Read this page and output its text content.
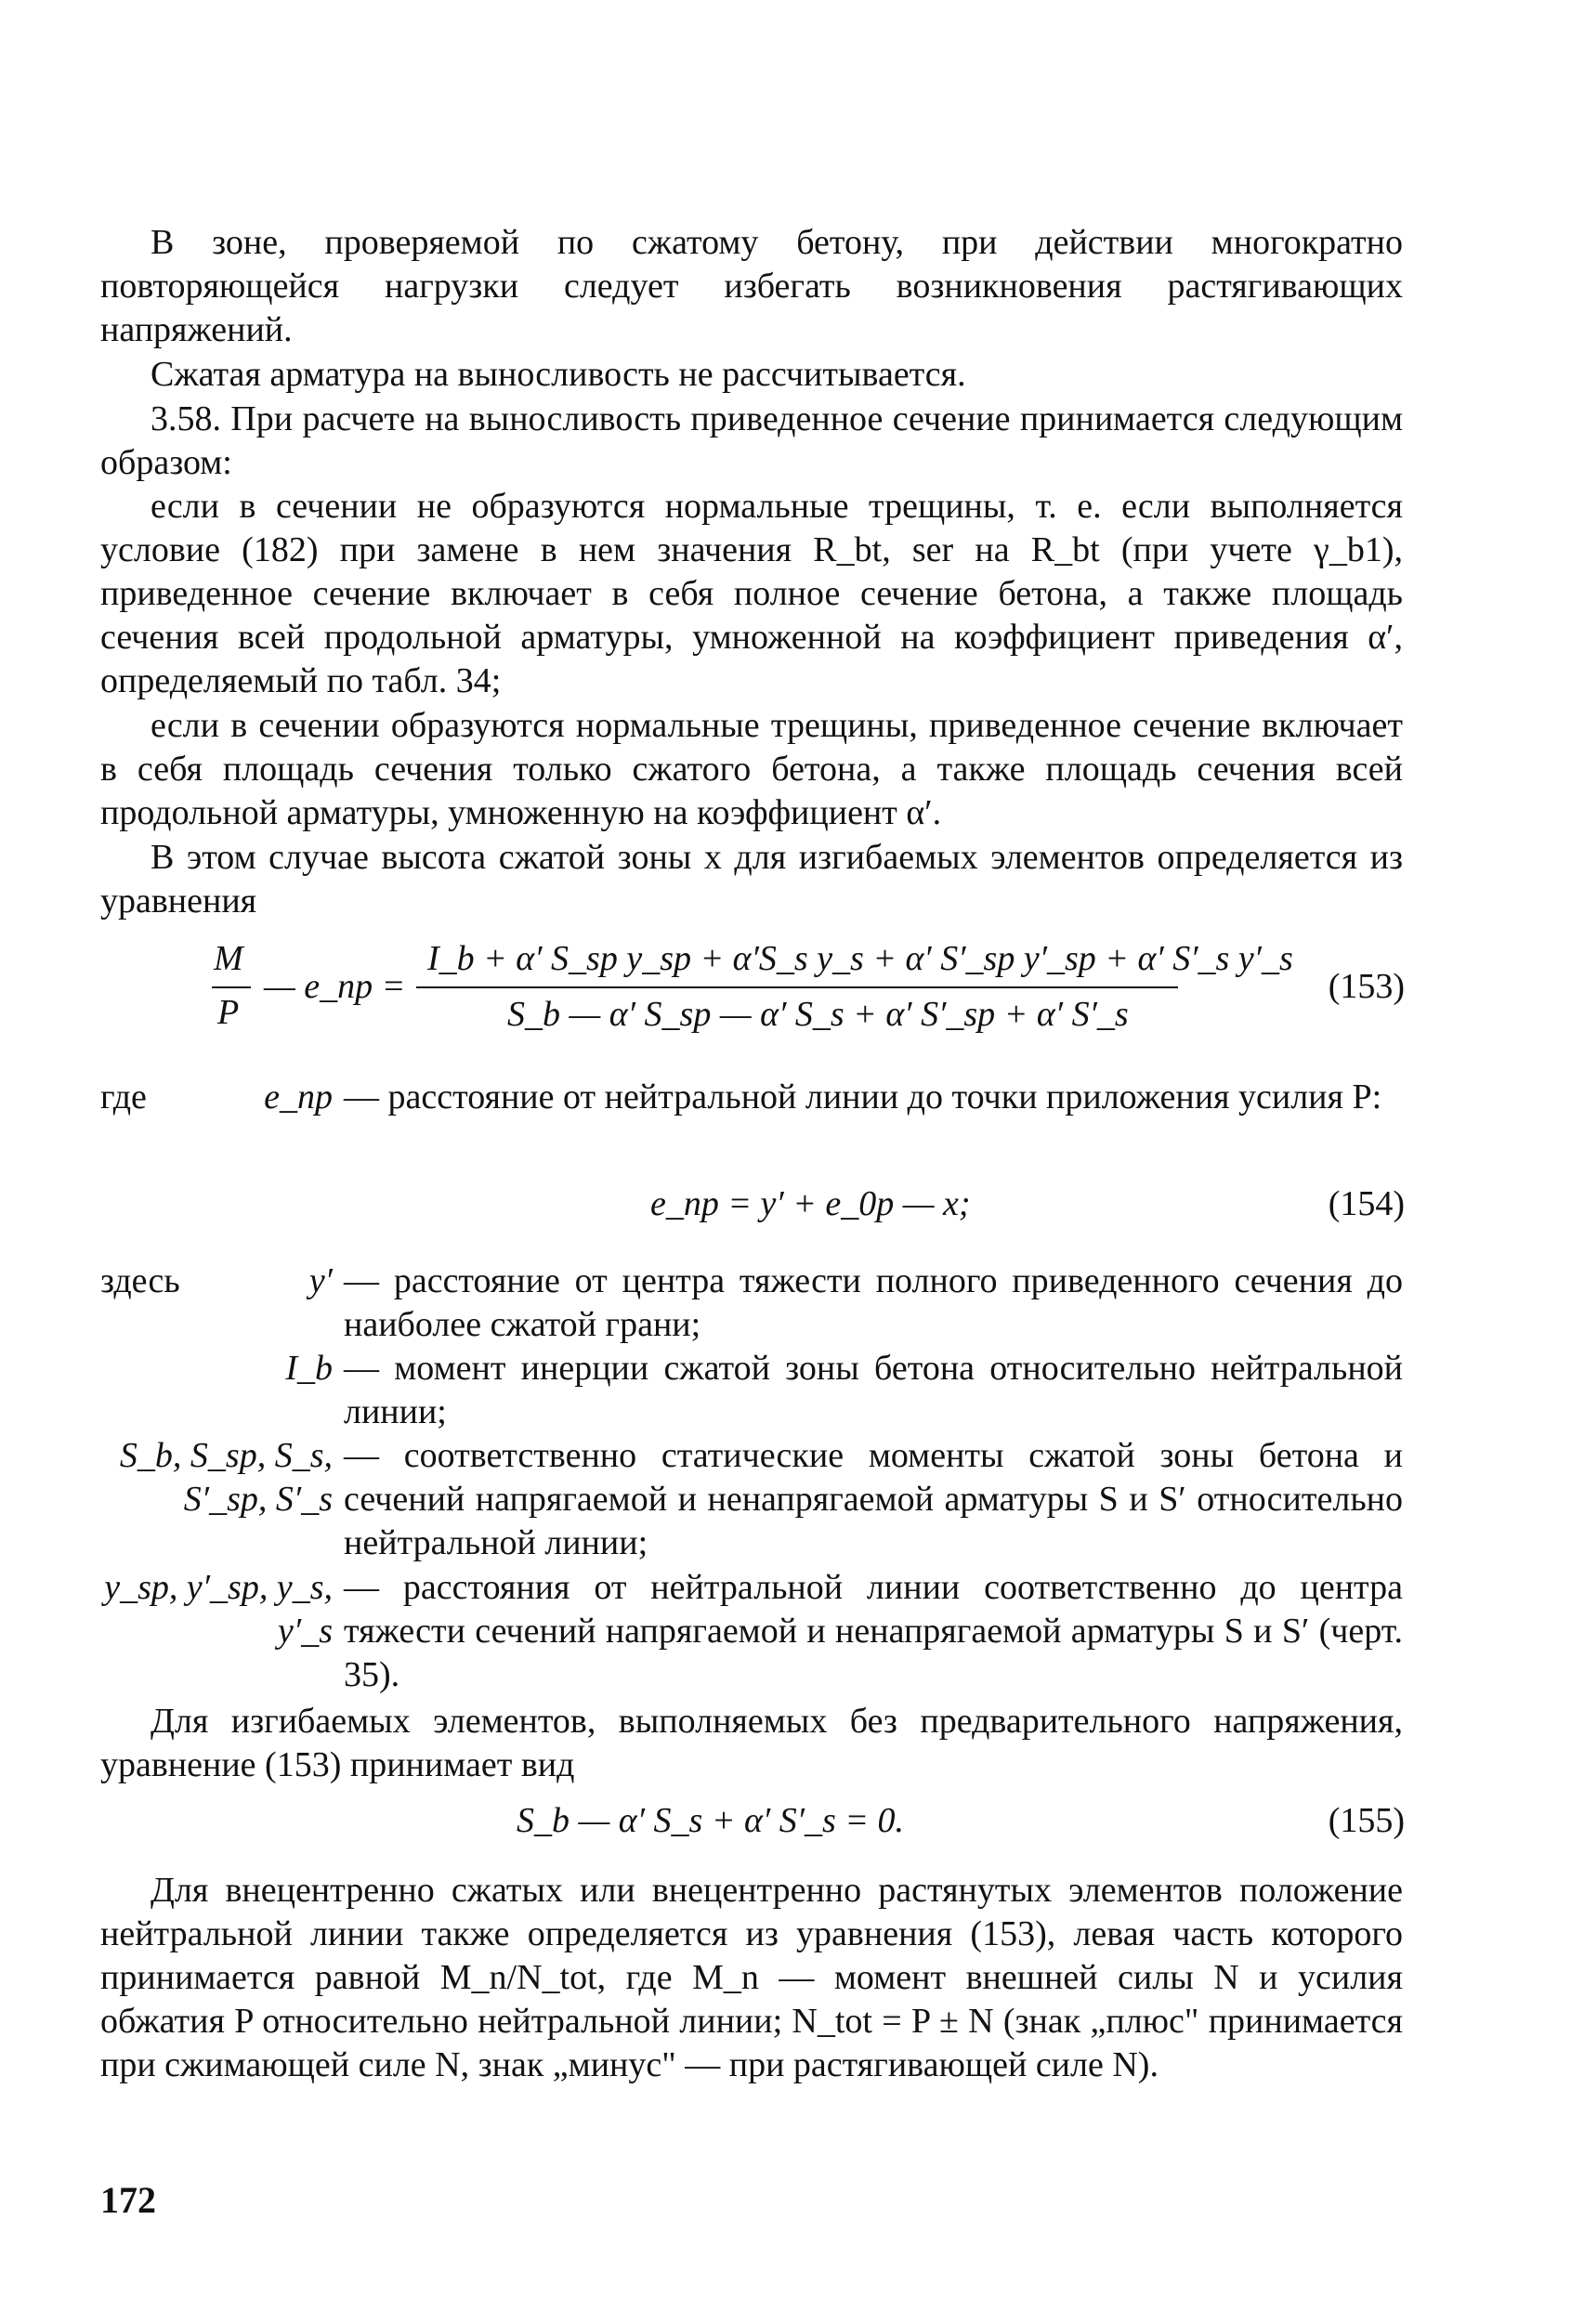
В зоне, проверяемой по сжатому бетону, при действии многократно повторяющейся нагрузки следует избегать возникновения растягивающих напряжений.

Сжатая арматура на выносливость не рассчитывается.

3.58. При расчете на выносливость приведенное сечение принимается следующим образом:

если в сечении не образуются нормальные трещины, т. е. если выполняется условие (182) при замене в нем значения R_bt, ser на R_bt (при учете γ_b1), приведенное сечение включает в себя полное сечение бетона, а также площадь сечения всей продольной арматуры, умноженной на коэффициент приведения α′, определяемый по табл. 34;

если в сечении образуются нормальные трещины, приведенное сечение включает в себя площадь сечения только сжатого бетона, а также площадь сечения всей продольной арматуры, умноженную на коэффициент α′.

В этом случае высота сжатой зоны x для изгибаемых элементов определяется из уравнения

M
P
— e_np =
I_b + α′ S_sp y_sp + α′S_s y_s + α′ S′_sp y′_sp + α′ S′_s y′_s
S_b — α′ S_sp — α′ S_s + α′ S′_sp + α′ S′_s
(153)
где	e_np — расстояние от нейтральной линии до точки приложения усилия P:
e_np = y′ + e_0p — x;	(154)
здесь	y′ — расстояние от центра тяжести полного приведенного сечения до наиболее сжатой грани;
I_b — момент инерции сжатой зоны бетона относительно нейтральной линии;
S_b, S_sp, S_s, S′_sp, S′_s
— соответственно статические моменты сжатой зоны бетона и сечений напрягаемой и ненапрягаемой арматуры S и S′ относительно нейтральной линии;
y_sp, y′_sp, y_s, y′_s
— расстояния от нейтральной линии соответственно до центра тяжести сечений напрягаемой и ненапрягаемой арматуры S и S′ (черт. 35).

Для изгибаемых элементов, выполняемых без предварительного напряжения, уравнение (153) принимает вид

S_b — α′ S_s + α′ S′_s = 0.	(155)

Для внецентренно сжатых или внецентренно растянутых элементов положение нейтральной линии также определяется из уравнения (153), левая часть которого принимается равной M_n/N_tot, где M_n — момент внешней силы N и усилия обжатия P относительно нейтральной линии; N_tot = P ± N (знак „плюс" принимается при сжимающей силе N, знак „минус" — при растягивающей силе N).

172
